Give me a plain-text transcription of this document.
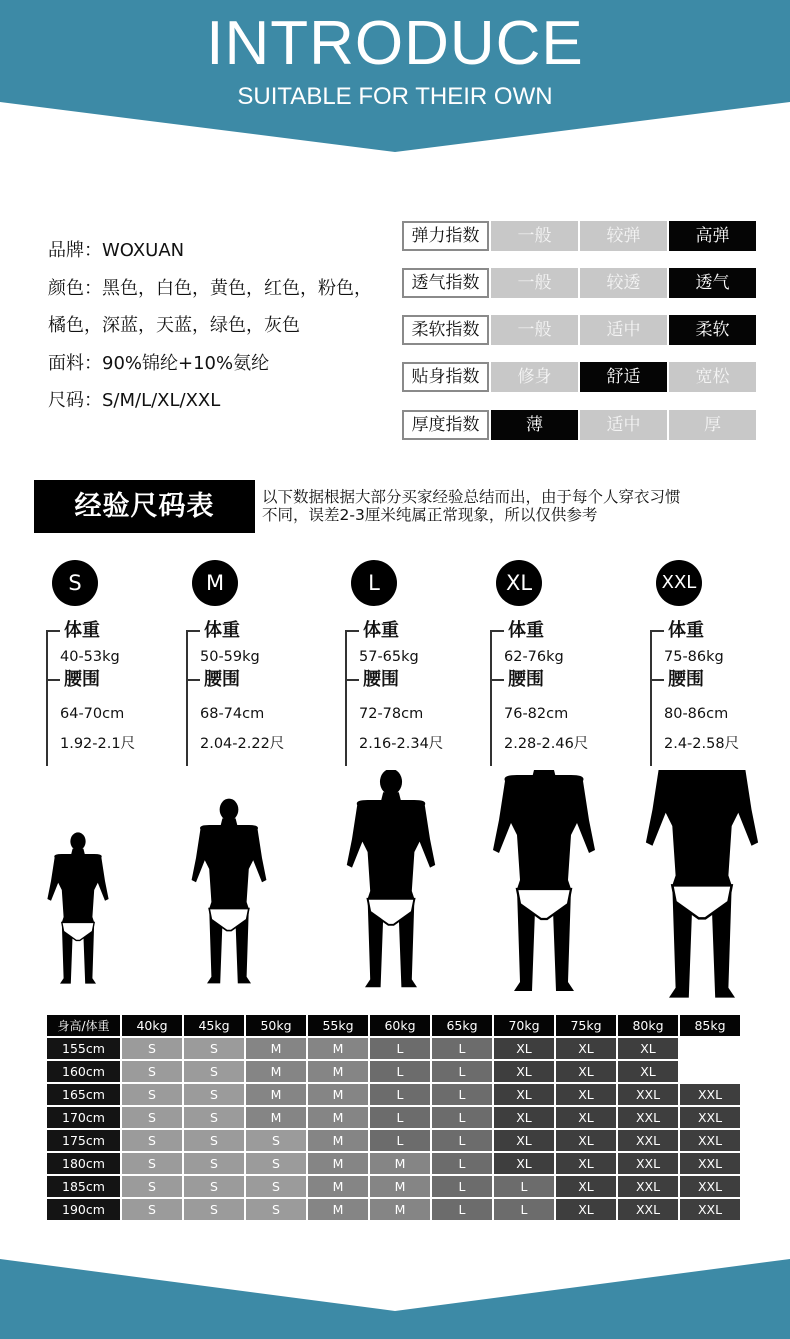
INTRODUCE
SUITABLE FOR THEIR OWN
品牌：WOXUAN
颜色：黑色，白色，黄色，红色，粉色，
橘色，深蓝，天蓝，绿色，灰色
面料：90%锦纶+10%氨纶
尺码：S/M/L/XL/XXL
弹力指数	一般	较弹	高弹
透气指数	一般	较透	透气
柔软指数	一般	适中	柔软
贴身指数	修身	舒适	宽松
厚度指数	薄	适中	厚
经验尺码表	以下数据根据大部分买家经验总结而出，由于每个人穿衣习惯
不同，误差2-3厘米纯属正常现象，所以仅供参考
S
体重
40-53kg
腰围
64-70cm
1.92-2.1尺
M
体重
50-59kg
腰围
68-74cm
2.04-2.22尺
L
体重
57-65kg
腰围
72-78cm
2.16-2.34尺
XL
体重
62-76kg
腰围
76-82cm
2.28-2.46尺
XXL
体重
75-86kg
腰围
80-86cm
2.4-2.58尺
身高/体重	40kg	45kg	50kg	55kg	60kg	65kg	70kg	75kg	80kg	85kg
155cm	S	S	M	M	L	L	XL	XL	XL	
160cm	S	S	M	M	L	L	XL	XL	XL	
165cm	S	S	M	M	L	L	XL	XL	XXL	XXL
170cm	S	S	M	M	L	L	XL	XL	XXL	XXL
175cm	S	S	S	M	L	L	XL	XL	XXL	XXL
180cm	S	S	S	M	M	L	XL	XL	XXL	XXL
185cm	S	S	S	M	M	L	L	XL	XXL	XXL
190cm	S	S	S	M	M	L	L	XL	XXL	XXL
